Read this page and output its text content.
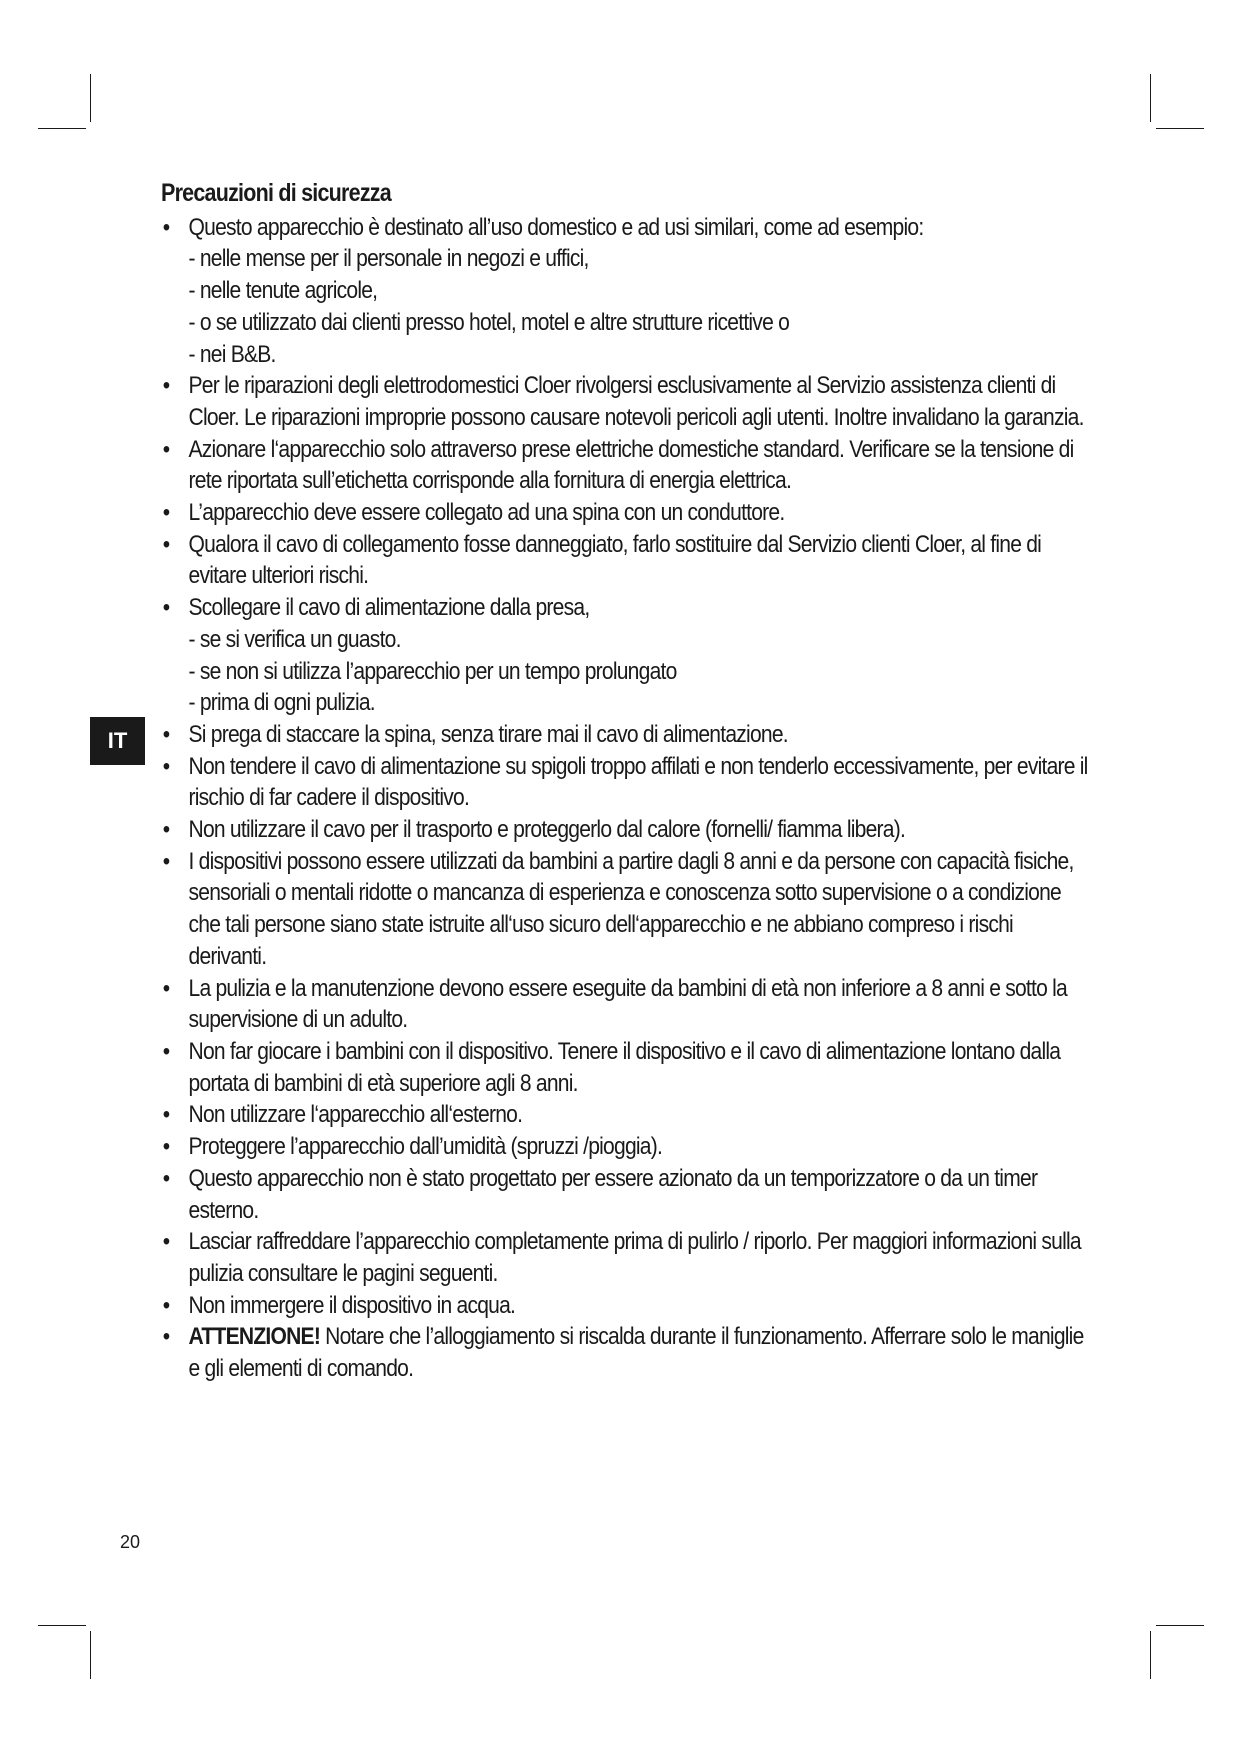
IT
Precauzioni di sicurezza
• Questo apparecchio è destinato all’uso domestico e ad usi similari, come ad esempio:
- nelle mense per il personale in negozi e uffici,
- nelle tenute agricole,
- o se utilizzato dai clienti presso hotel, motel e altre strutture ricettive o
- nei B&B.
• Per le riparazioni degli elettrodomestici Cloer rivolgersi esclusivamente al Servizio assistenza clienti di Cloer. Le riparazioni improprie possono causare notevoli pericoli agli utenti. Inoltre invalidano la garanzia.
• Azionare l‘apparecchio solo attraverso prese elettriche domestiche standard. Verificare se la tensione di rete riportata sull’etichetta corrisponde alla fornitura di energia elettrica.
• L’apparecchio deve essere collegato ad una spina con un conduttore.
• Qualora il cavo di collegamento fosse danneggiato, farlo sostituire dal Servizio clienti Cloer, al fine di evitare ulteriori rischi.
• Scollegare il cavo di alimentazione dalla presa,
- se si verifica un guasto.
- se non si utilizza l’apparecchio per un tempo prolungato
- prima di ogni pulizia.
• Si prega di staccare la spina, senza tirare mai il cavo di alimentazione.
• Non tendere il cavo di alimentazione su spigoli troppo affilati e non tenderlo eccessivamente, per evitare il rischio di far cadere il dispositivo.
• Non utilizzare il cavo per il trasporto e proteggerlo dal calore (fornelli/ fiamma libera).
• I dispositivi possono essere utilizzati da bambini a partire dagli 8 anni e da persone con capacità fisiche, sensoriali o mentali ridotte o mancanza di esperienza e conoscenza sotto supervisione o a condizione che tali persone siano state istruite all‘uso sicuro dell‘apparecchio e ne abbiano compreso i rischi derivanti.
• La pulizia e la manutenzione devono essere eseguite da bambini di età non inferiore a 8 anni e sotto la supervisione di un adulto.
• Non far giocare i bambini con il dispositivo. Tenere il dispositivo e il cavo di alimentazione lontano dalla portata di bambini di età superiore agli 8 anni.
• Non utilizzare l‘apparecchio all‘esterno.
• Proteggere l’apparecchio dall’umidità (spruzzi /pioggia).
• Questo apparecchio non è stato progettato per essere azionato da un temporizzatore o da un timer esterno.
• Lasciar raffreddare l’apparecchio completamente prima di pulirlo / riporlo. Per maggiori informazioni sulla pulizia consultare le pagini seguenti.
• Non immergere il dispositivo in acqua.
• ATTENZIONE! Notare che l’alloggiamento si riscalda durante il funzionamento. Afferrare solo le maniglie e gli elementi di comando.
20
